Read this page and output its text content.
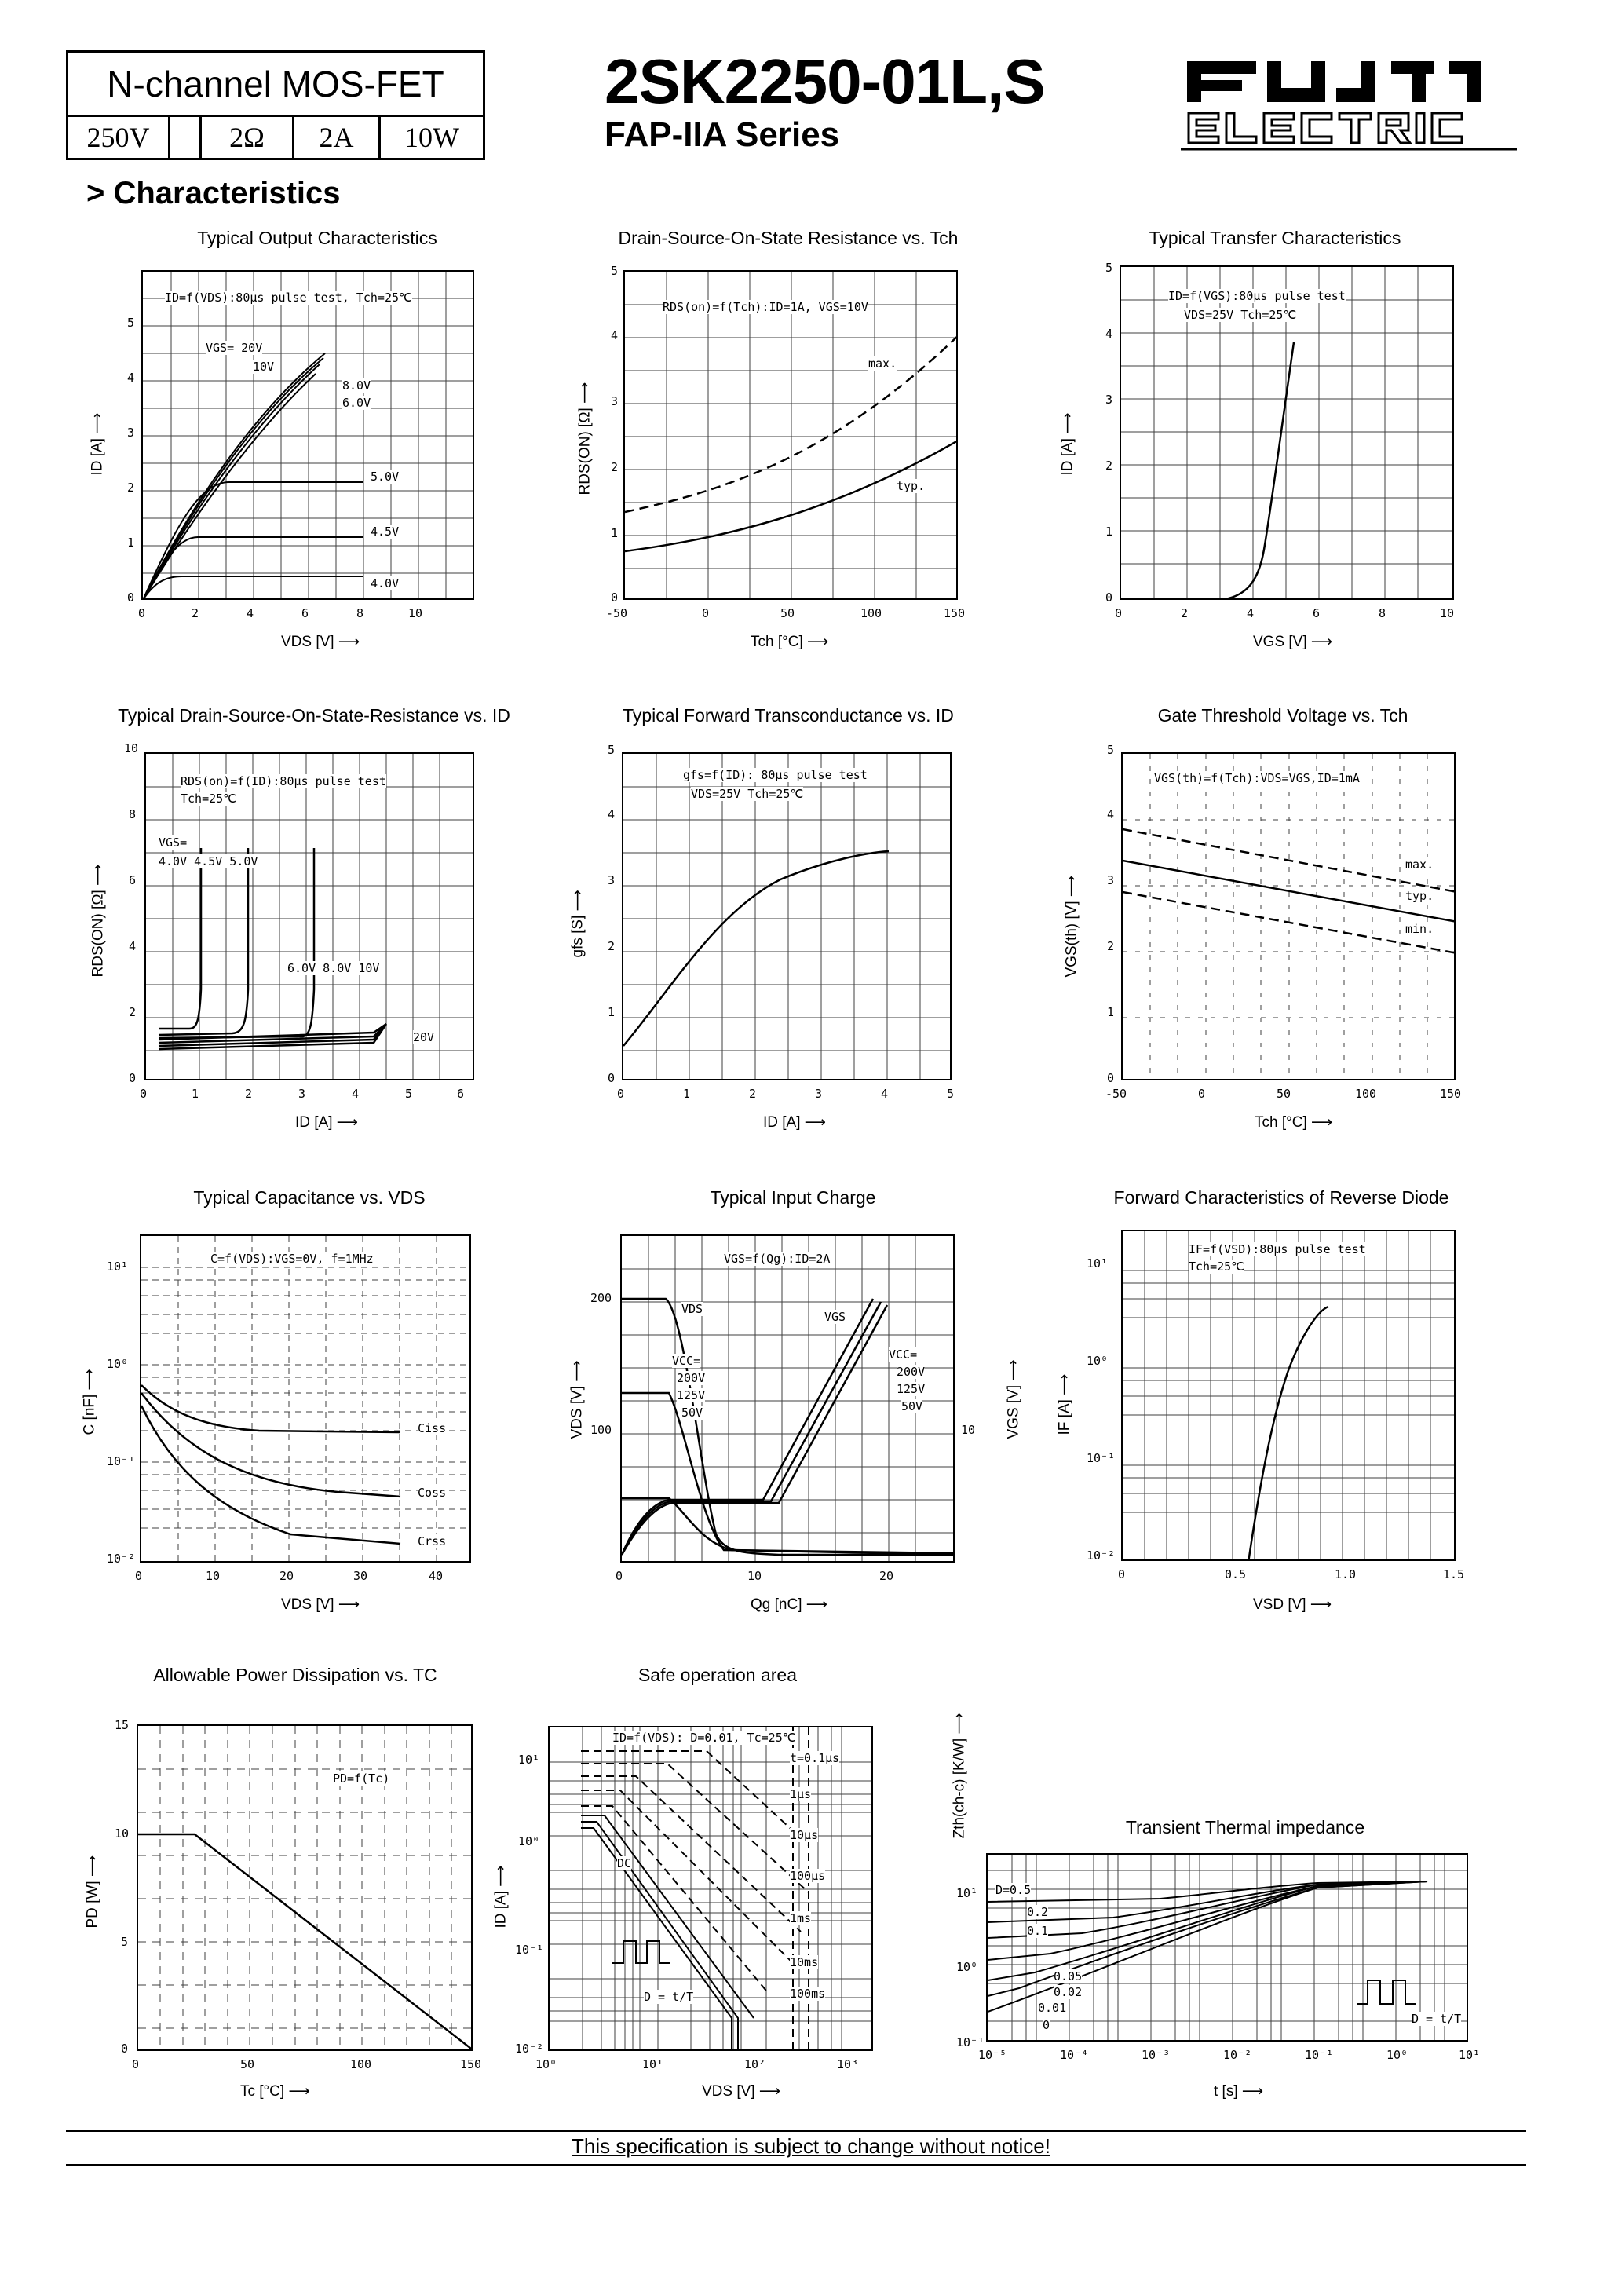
N-channel MOS-FET
250V	2Ω	2A	10W
2SK2250-01L,S
FAP-IIA Series
> Characteristics
Typical Output Characteristics
ID=f(VDS):80μs pulse test, Tch=25℃
VGS= 20V
10V
8.0V
6.0V
5.0V
4.5V
4.0V
0	2	4	6	8	10
0
1
2
3
4
5
ID [A] ⟶
VDS [V] ⟶
Drain-Source-On-State Resistance vs. Tch
RDS(on)=f(Tch):ID=1A, VGS=10V
max.
typ.
-50	0	50	100	150
0
1
2
3
4
5
RDS(ON) [Ω] ⟶
Tch [°C] ⟶
Typical Transfer Characteristics
ID=f(VGS):80μs pulse test
VDS=25V Tch=25℃
0	2	4	6	8	10
0
1
2
3
4
5
ID [A] ⟶
VGS [V] ⟶
Typical Drain-Source-On-State-Resistance vs. ID
RDS(on)=f(ID):80μs pulse test
Tch=25℃
VGS=
4.0V 4.5V 5.0V
6.0V 8.0V 10V
20V
0	1	2	3	4	5	6
0
2
4
6
8
10
RDS(ON) [Ω] ⟶
ID [A] ⟶
Typical Forward Transconductance vs. ID
gfs=f(ID): 80μs pulse test
VDS=25V Tch=25℃
0	1	2	3	4	5
0
1
2
3
4
5
gfs [S] ⟶
ID [A] ⟶
Gate Threshold Voltage vs. Tch
VGS(th)=f(Tch):VDS=VGS,ID=1mA
max.
typ.
min.
-50	0	50	100	150
0
1
2
3
4
5
VGS(th) [V] ⟶
Tch [°C] ⟶
Typical Capacitance vs. VDS
C=f(VDS):VGS=0V, f=1MHz
Ciss
Coss
Crss
0	10	20	30	40
10⁻²
10⁻¹
10⁰
10¹
C [nF] ⟶
VDS [V] ⟶
Typical Input Charge
VGS=f(Qg):ID=2A
VDS
VGS
VCC=
200V
125V
50V
VCC=
200V
125V
50V
0	10	20
200
100	10
VDS [V] ⟶
VGS [V] ⟶
Qg [nC] ⟶
Forward Characteristics of Reverse Diode
IF=f(VSD):80μs pulse test
Tch=25℃
0	0.5	1.0	1.5
10⁻²
10⁻¹
10⁰
10¹
IF [A] ⟶
VSD [V] ⟶
Allowable Power Dissipation vs. TC
PD=f(Tc)
0	50	100	150
0
5
10
15
PD [W] ⟶
Tc [°C] ⟶
Safe operation area
ID=f(VDS): D=0.01, Tc=25℃
t=0.1μs
1μs
10μs
100μs
1ms
10ms
100ms
DC
D = t/T
10⁰	10¹	10²	10³
10⁻²
10⁻¹
10⁰
10¹
ID [A] ⟶
VDS [V] ⟶
Transient Thermal impedance
D=0.5
0.2
0.1
0.05
0.02
0.01
0	D = t/T
10⁻⁵	10⁻⁴	10⁻³	10⁻²	10⁻¹	10⁰	10¹
10⁻¹
10⁰
10¹
Zth(ch-c) [K/W] ⟶
t [s] ⟶
This specification is subject to change without notice!
